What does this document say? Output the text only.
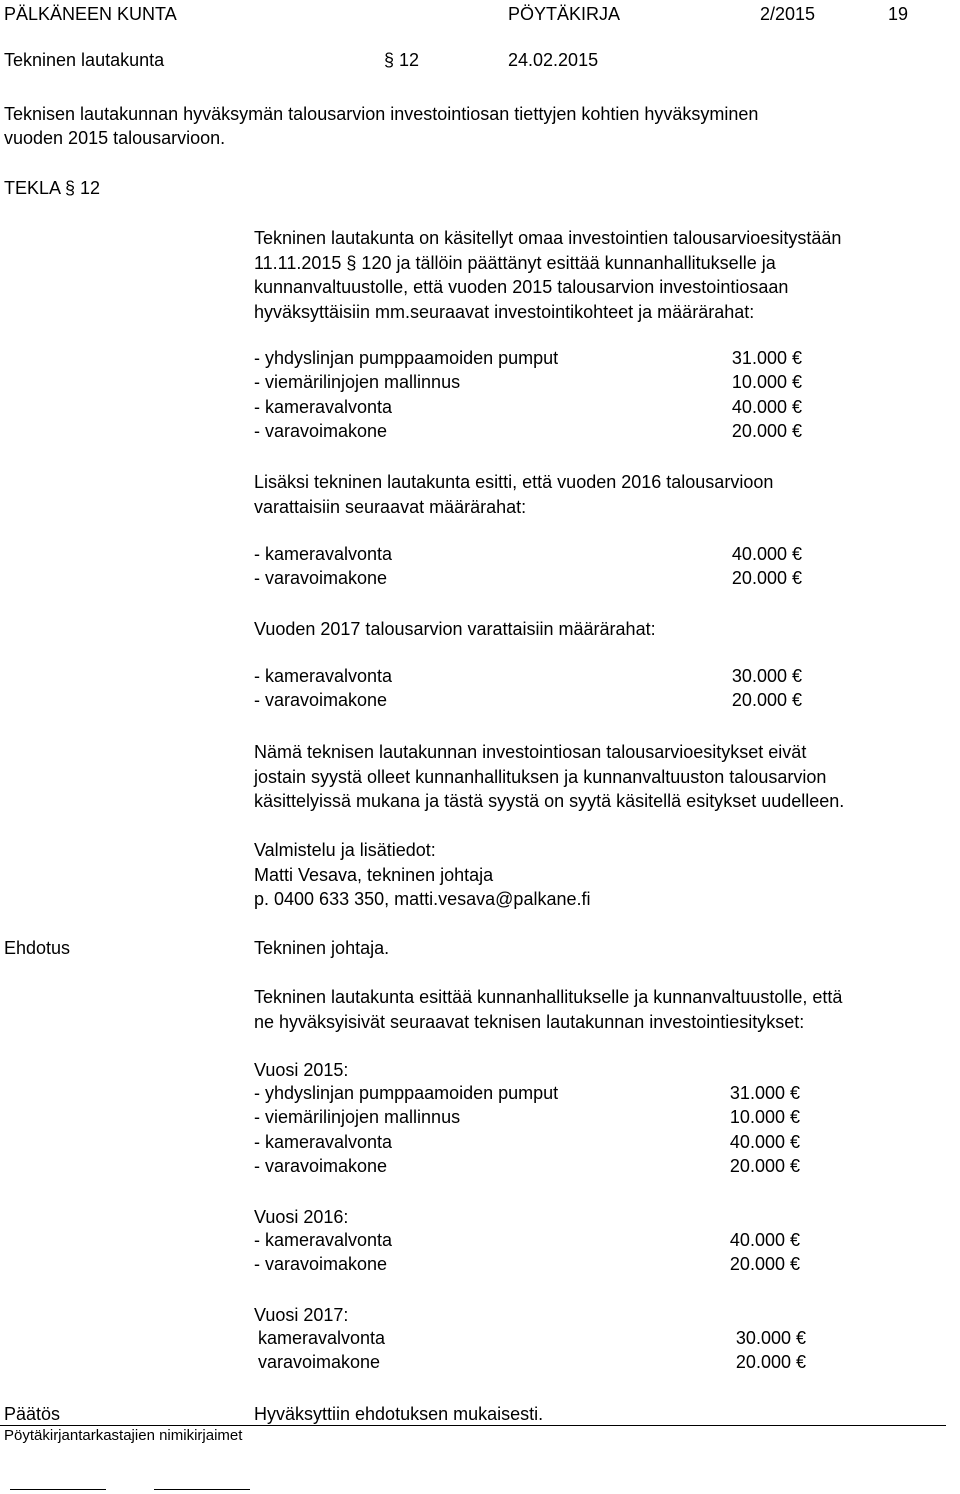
PÄLKÄNEEN KUNTA	PÖYTÄKIRJA	2/2015	19
Tekninen lautakunta	§ 12	24.02.2015
Teknisen lautakunnan hyväksymän talousarvion investointiosan tiettyjen kohtien hyväksyminen
vuoden 2015 talousarvioon.
TEKLA § 12

Tekninen lautakunta on käsitellyt omaa investointien talousarvioesitystään

11.11.2015 § 120 ja tällöin päättänyt esittää kunnanhallitukselle ja

kunnanvaltuustolle, että vuoden 2015 talousarvion investointiosaan

hyväksyttäisiin mm.seuraavat investointikohteet ja määrärahat:

- yhdyslinjan pumppaamoiden pumput	31.000 €
- viemärilinjojen mallinnus	10.000 €
- kameravalvonta	40.000 €
- varavoimakone	20.000 €

Lisäksi tekninen lautakunta esitti, että vuoden 2016 talousarvioon

varattaisiin seuraavat määrärahat:

- kameravalvonta	40.000 €
- varavoimakone	20.000 €
Vuoden 2017 talousarvion varattaisiin määrärahat:
- kameravalvonta	30.000 €
- varavoimakone	20.000 €

Nämä teknisen lautakunnan investointiosan talousarvioesitykset eivät

jostain syystä olleet kunnanhallituksen ja kunnanvaltuuston talousarvion

käsittelyissä mukana ja tästä syystä on syytä käsitellä esitykset uudelleen.

Valmistelu ja lisätiedot:

Matti Vesava, tekninen johtaja

p. 0400 633 350, matti.vesava@palkane.fi

Ehdotus	Tekninen johtaja.

Tekninen lautakunta esittää kunnanhallitukselle ja kunnanvaltuustolle, että

ne hyväksyisivät seuraavat teknisen lautakunnan investointiesitykset:

Vuosi 2015:
- yhdyslinjan pumppaamoiden pumput	31.000 €
- viemärilinjojen mallinnus	10.000 €
- kameravalvonta	40.000 €
- varavoimakone	20.000 €
Vuosi 2016:
- kameravalvonta	40.000 €
- varavoimakone	20.000 €
Vuosi 2017:
kameravalvonta	30.000 €
varavoimakone	20.000 €
Päätös	Hyväksyttiin ehdotuksen mukaisesti.
Pöytäkirjantarkastajien nimikirjaimet
